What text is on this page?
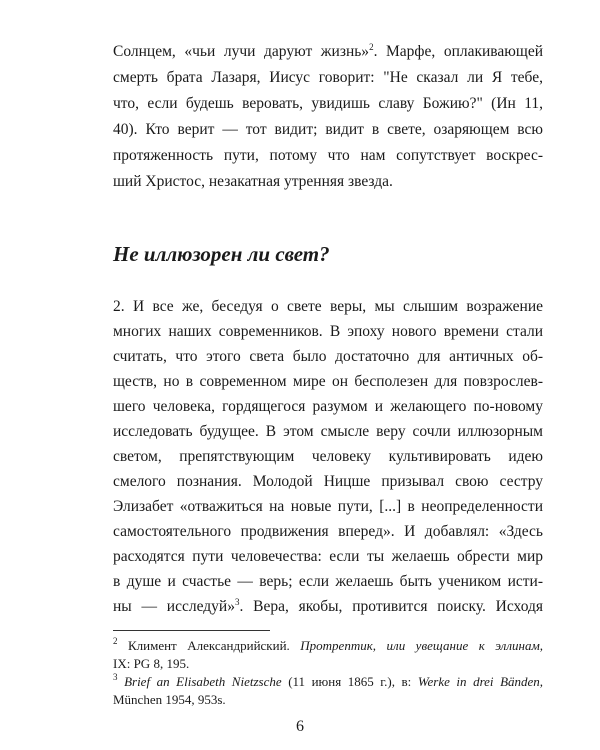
Солнцем, «чьи лучи даруют жизнь»$^2$. Марфе, оплакивающей
смерть брата Лазаря, Иисус говорит: "Не сказал ли Я тебе,
что, если будешь веровать, увидишь славу Божию?" (Ин 11,
40). Кто верит — тот видит; видит в свете, озаряющем всю
протяженность пути, потому что нам сопутствует воскрес-
ший Христос, незакатная утренняя звезда.
Не иллюзорен ли свет?
2. И все же, беседуя о свете веры, мы слышим возражение
многих наших современников. В эпоху нового времени стали
считать, что этого света было достаточно для античных об-
ществ, но в современном мире он бесполезен для повзрослев-
шего человека, гордящегося разумом и желающего по-новому
исследовать будущее. В этом смысле веру сочли иллюзорным
светом, препятствующим человеку культивировать идею
смелого познания. Молодой Ницше призывал свою сестру
Элизабет «отважиться на новые пути, [...] в неопределенности
самостоятельного продвижения вперед». И добавлял: «Здесь
расходятся пути человечества: если ты желаешь обрести мир
в душе и счастье — верь; если желаешь быть учеником исти-
ны — исследуй»$^3$. Вера, якобы, противится поиску. Исходя
$^2$ Климент Александрийский. Протрептик, или увещание к эллинам,
IX: PG 8, 195.
$^3$ Brief an Elisabeth Nietzsche (11 июня 1865 г.), в: Werke in drei Bänden,
München 1954, 953s.
6
